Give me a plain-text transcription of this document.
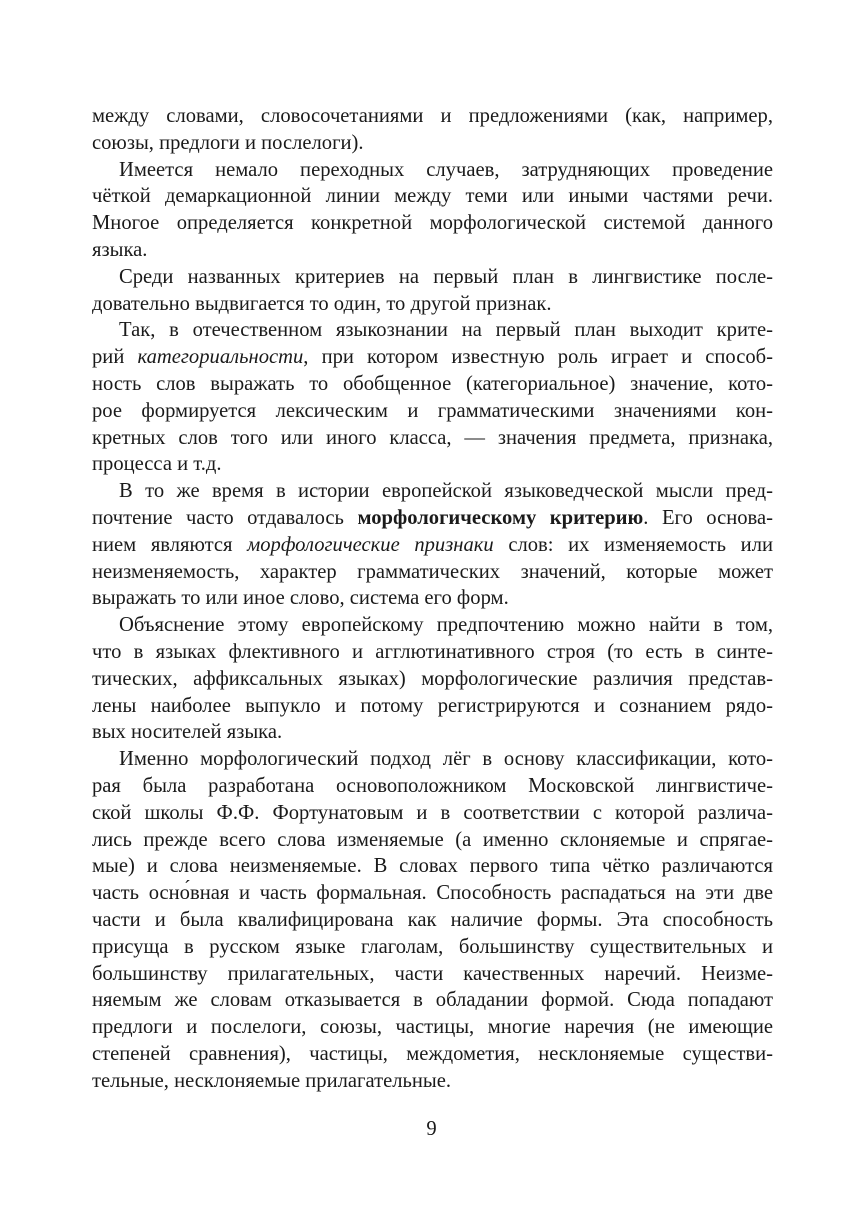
между словами, словосочетаниями и предложениями (как, например,
союзы, предлоги и послелоги).
Имеется немало переходных случаев, затрудняющих проведение
чёткой демаркационной линии между теми или иными частями речи.
Многое определяется конкретной морфологической системой данного
языка.
Среди названных критериев на первый план в лингвистике после-
довательно выдвигается то один, то другой признак.
Так, в отечественном языкознании на первый план выходит крите-
рий категориальности, при котором известную роль играет и способ-
ность слов выражать то обобщенное (категориальное) значение, кото-
рое формируется лексическим и грамматическими значениями кон-
кретных слов того или иного класса, — значения предмета, признака,
процесса и т.д.
В то же время в истории европейской языковедческой мысли пред-
почтение часто отдавалось морфологическому критерию. Его основа-
нием являются морфологические признаки слов: их изменяемость или
неизменяемость, характер грамматических значений, которые может
выражать то или иное слово, система его форм.
Объяснение этому европейскому предпочтению можно найти в том,
что в языках флективного и агглютинативного строя (то есть в синте-
тических, аффиксальных языках) морфологические различия представ-
лены наиболее выпукло и потому регистрируются и сознанием рядо-
вых носителей языка.
Именно морфологический подход лёг в основу классификации, кото-
рая была разработана основоположником Московской лингвистиче-
ской школы Ф.Ф. Фортунатовым и в соответствии с которой различа-
лись прежде всего слова изменяемые (а именно склоняемые и спрягае-
мые) и слова неизменяемые. В словах первого типа чётко различаются
часть осно́вная и часть формальная. Способность распадаться на эти две
части и была квалифицирована как наличие формы. Эта способность
присуща в русском языке глаголам, большинству существительных и
большинству прилагательных, части качественных наречий. Неизме-
няемым же словам отказывается в обладании формой. Сюда попадают
предлоги и послелоги, союзы, частицы, многие наречия (не имеющие
степеней сравнения), частицы, междометия, несклоняемые существи-
тельные, несклоняемые прилагательные.
9
